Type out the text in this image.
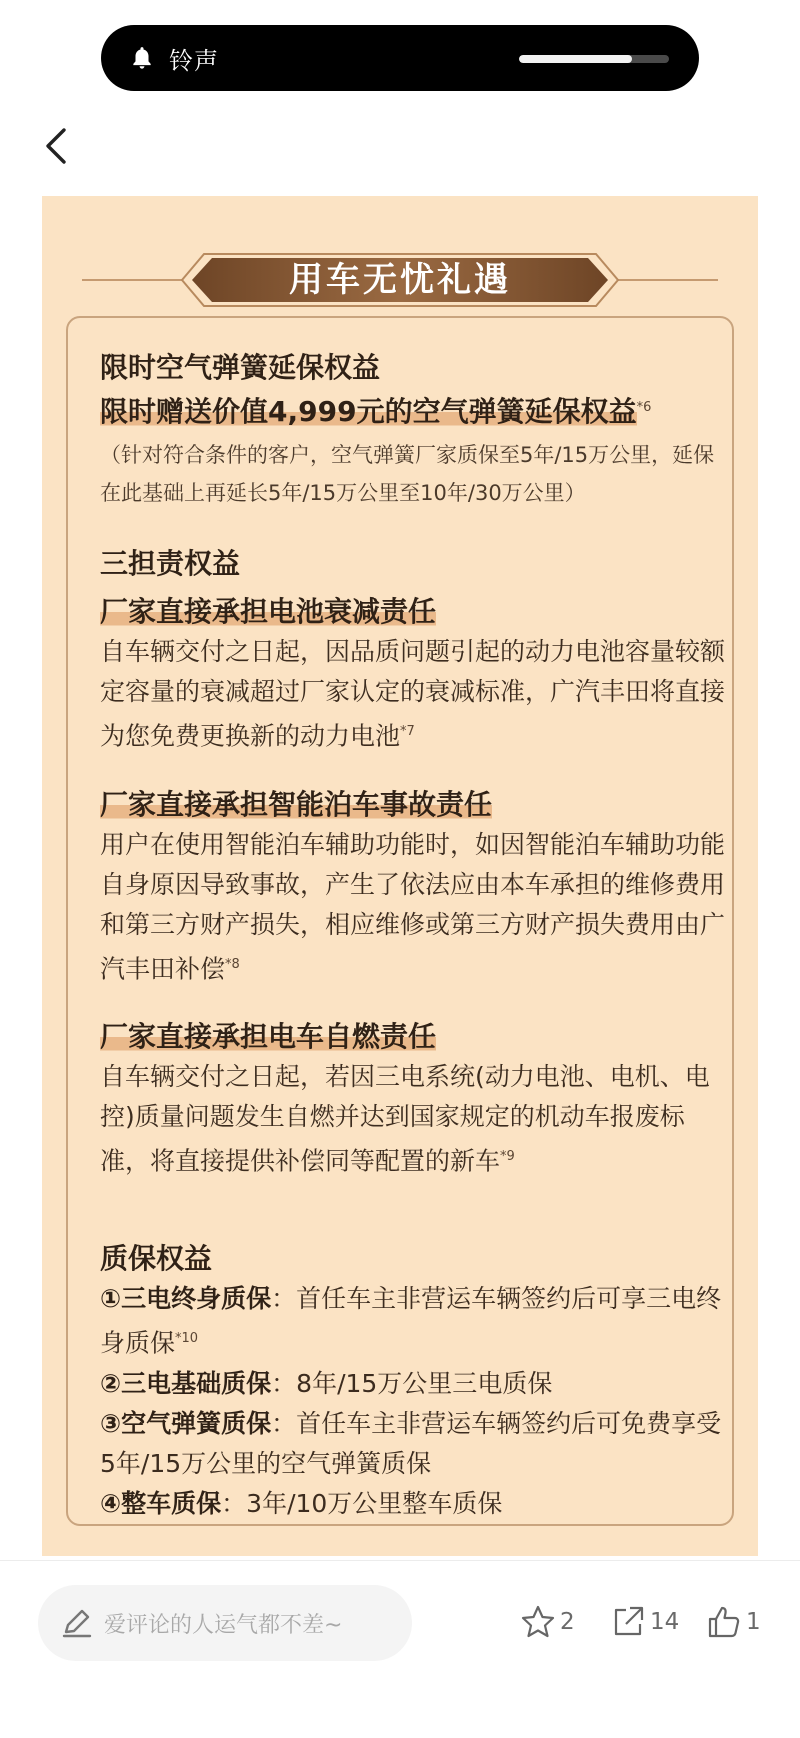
铃声
用车无忧礼遇
限时空气弹簧延保权益
限时赠送价值4,999元的空气弹簧延保权益$^{*6}$
（针对符合条件的客户，空气弹簧厂家质保至5年/15万公里，延保在此基础上再延长5年/15万公里至10年/30万公里）
三担责权益
厂家直接承担电池衰减责任
自车辆交付之日起，因品质问题引起的动力电池容量较额定容量的衰减超过厂家认定的衰减标准，广汽丰田将直接为您免费更换新的动力电池$^{*7}$
厂家直接承担智能泊车事故责任
用户在使用智能泊车辅助功能时，如因智能泊车辅助功能自身原因导致事故，产生了依法应由本车承担的维修费用和第三方财产损失，相应维修或第三方财产损失费用由广汽丰田补偿$^{*8}$
厂家直接承担电车自燃责任
自车辆交付之日起，若因三电系统(动力电池、电机、电控)质量问题发生自燃并达到国家规定的机动车报废标准，将直接提供补偿同等配置的新车$^{*9}$
质保权益
①三电终身质保：首任车主非营运车辆签约后可享三电终身质保$^{*10}$
②三电基础质保：8年/15万公里三电质保
③空气弹簧质保：首任车主非营运车辆签约后可免费享受5年/15万公里的空气弹簧质保
④整车质保：3年/10万公里整车质保
爱评论的人运气都不差~	2	14	1
